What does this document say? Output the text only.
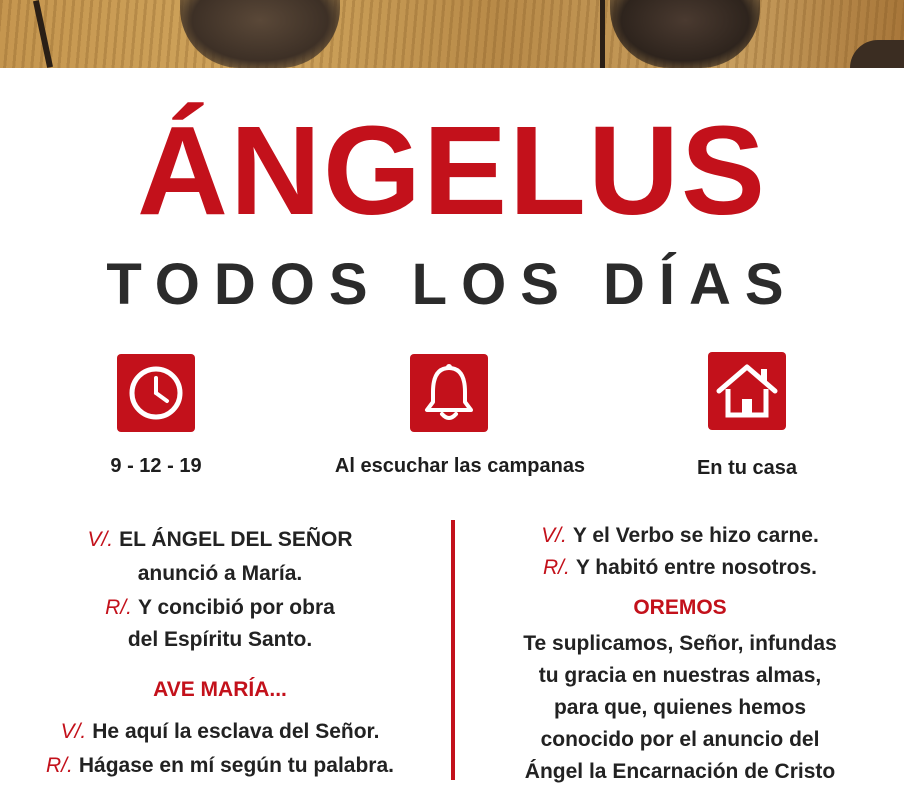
ÁNGELUS
TODOS LOS DÍAS
9 - 12 - 19	Al escuchar las campanas	En tu casa
V/. EL ÁNGEL DEL SEÑOR
anunció a María.
R/. Y concibió por obra
del Espíritu Santo.
AVE MARÍA...
V/. He aquí la esclava del Señor.
R/. Hágase en mí según tu palabra.
V/. Y el Verbo se hizo carne.
R/. Y habitó entre nosotros.
OREMOS
Te suplicamos, Señor, infundas
tu gracia en nuestras almas,
para que, quienes hemos
conocido por el anuncio del
Ángel la Encarnación de Cristo
